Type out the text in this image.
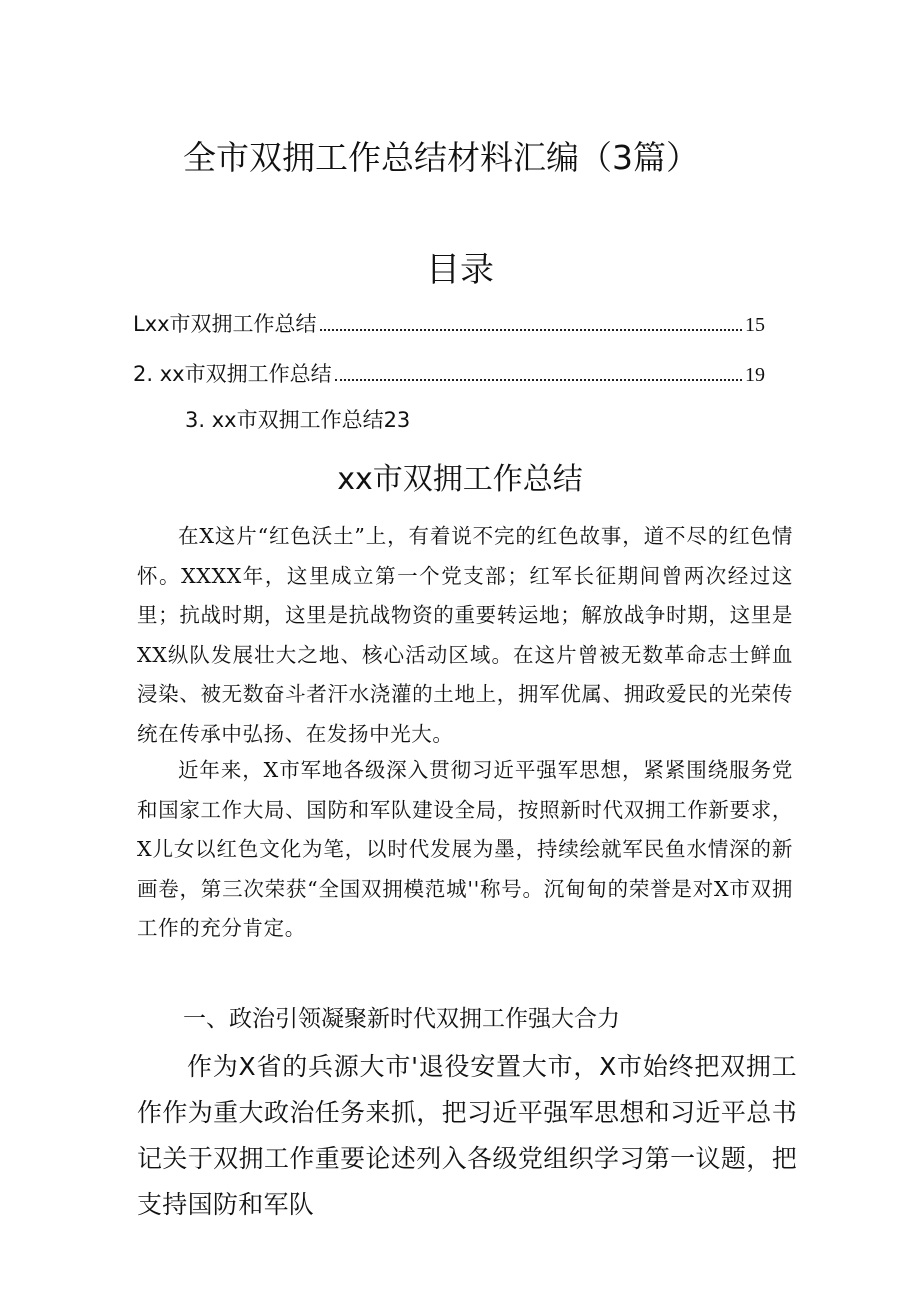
全市双拥工作总结材料汇编（3篇）
目录
Lxx市双拥工作总结	15
2. xx市双拥工作总结	19
3. xx市双拥工作总结23
xx市双拥工作总结
在X这片“红色沃土”上，有着说不完的红色故事，道不尽的红色情怀。XXXX年，这里成立第一个党支部；红军长征期间曾两次经过这里；抗战时期，这里是抗战物资的重要转运地；解放战争时期，这里是XX纵队发展壮大之地、核心活动区域。在这片曾被无数革命志士鲜血浸染、被无数奋斗者汗水浇灌的土地上，拥军优属、拥政爱民的光荣传统在传承中弘扬、在发扬中光大。
近年来，X市军地各级深入贯彻习近平强军思想，紧紧围绕服务党和国家工作大局、国防和军队建设全局，按照新时代双拥工作新要求，X儿女以红色文化为笔，以时代发展为墨，持续绘就军民鱼水情深的新画卷，第三次荣获“全国双拥模范城''称号。沉甸甸的荣誉是对X市双拥工作的充分肯定。
一、政治引领凝聚新时代双拥工作强大合力
作为X省的兵源大市'退役安置大市，X市始终把双拥工作作为重大政治任务来抓，把习近平强军思想和习近平总书记关于双拥工作重要论述列入各级党组织学习第一议题，把支持国防和军队
